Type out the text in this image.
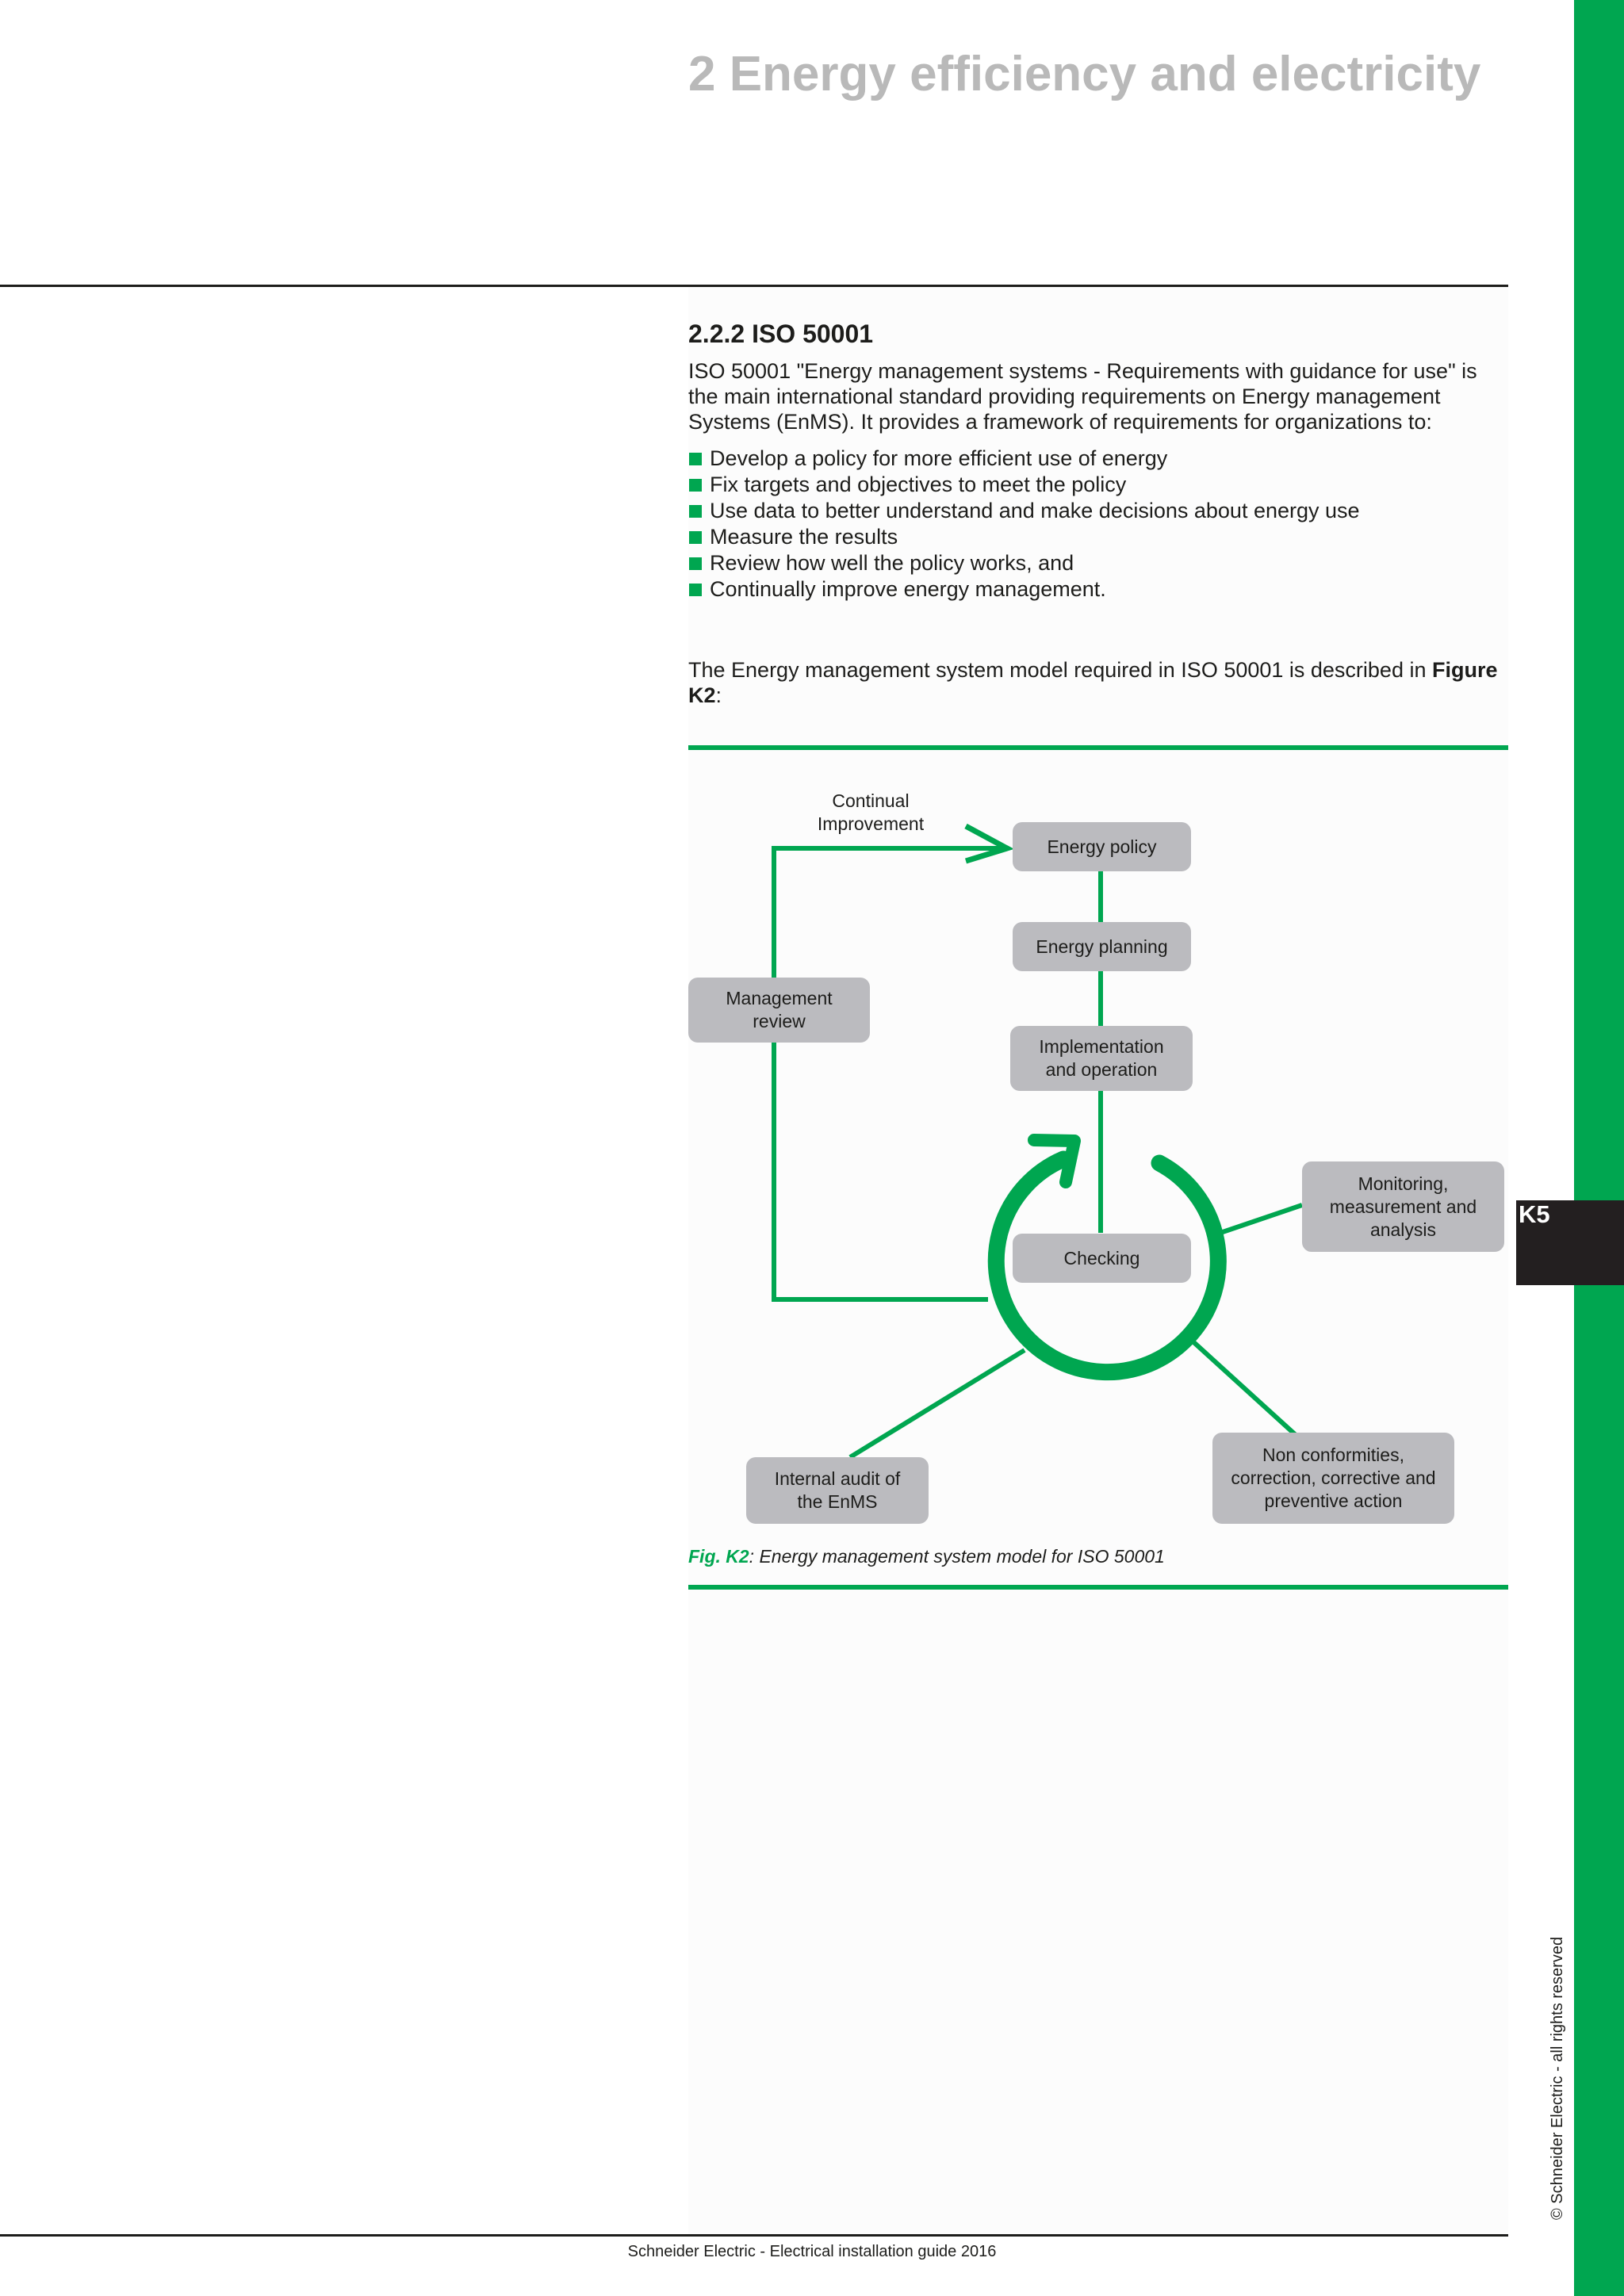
K5
© Schneider Electric - all rights reserved
2 Energy efficiency and electricity
2.2.2 ISO 50001
ISO 50001 "Energy management systems - Requirements with guidance for use" is the main international standard providing requirements on Energy management Systems (EnMS). It provides a framework of requirements for organizations to:
Develop a policy for more efficient use of energy
Fix targets and objectives to meet the policy
Use data to better understand and make decisions about energy use
Measure the results
Review how well the policy works, and
Continually improve energy management.
The Energy management system model required in ISO 50001 is described in Figure K2:
Continual
Improvement
Energy policy
Energy planning
Implementation
and operation
Management
review
Checking
Monitoring,
measurement and
analysis
Internal audit of
the EnMS
Non conformities,
correction, corrective and
preventive action
Fig. K2: Energy management system model for ISO 50001
Schneider Electric - Electrical installation guide 2016
